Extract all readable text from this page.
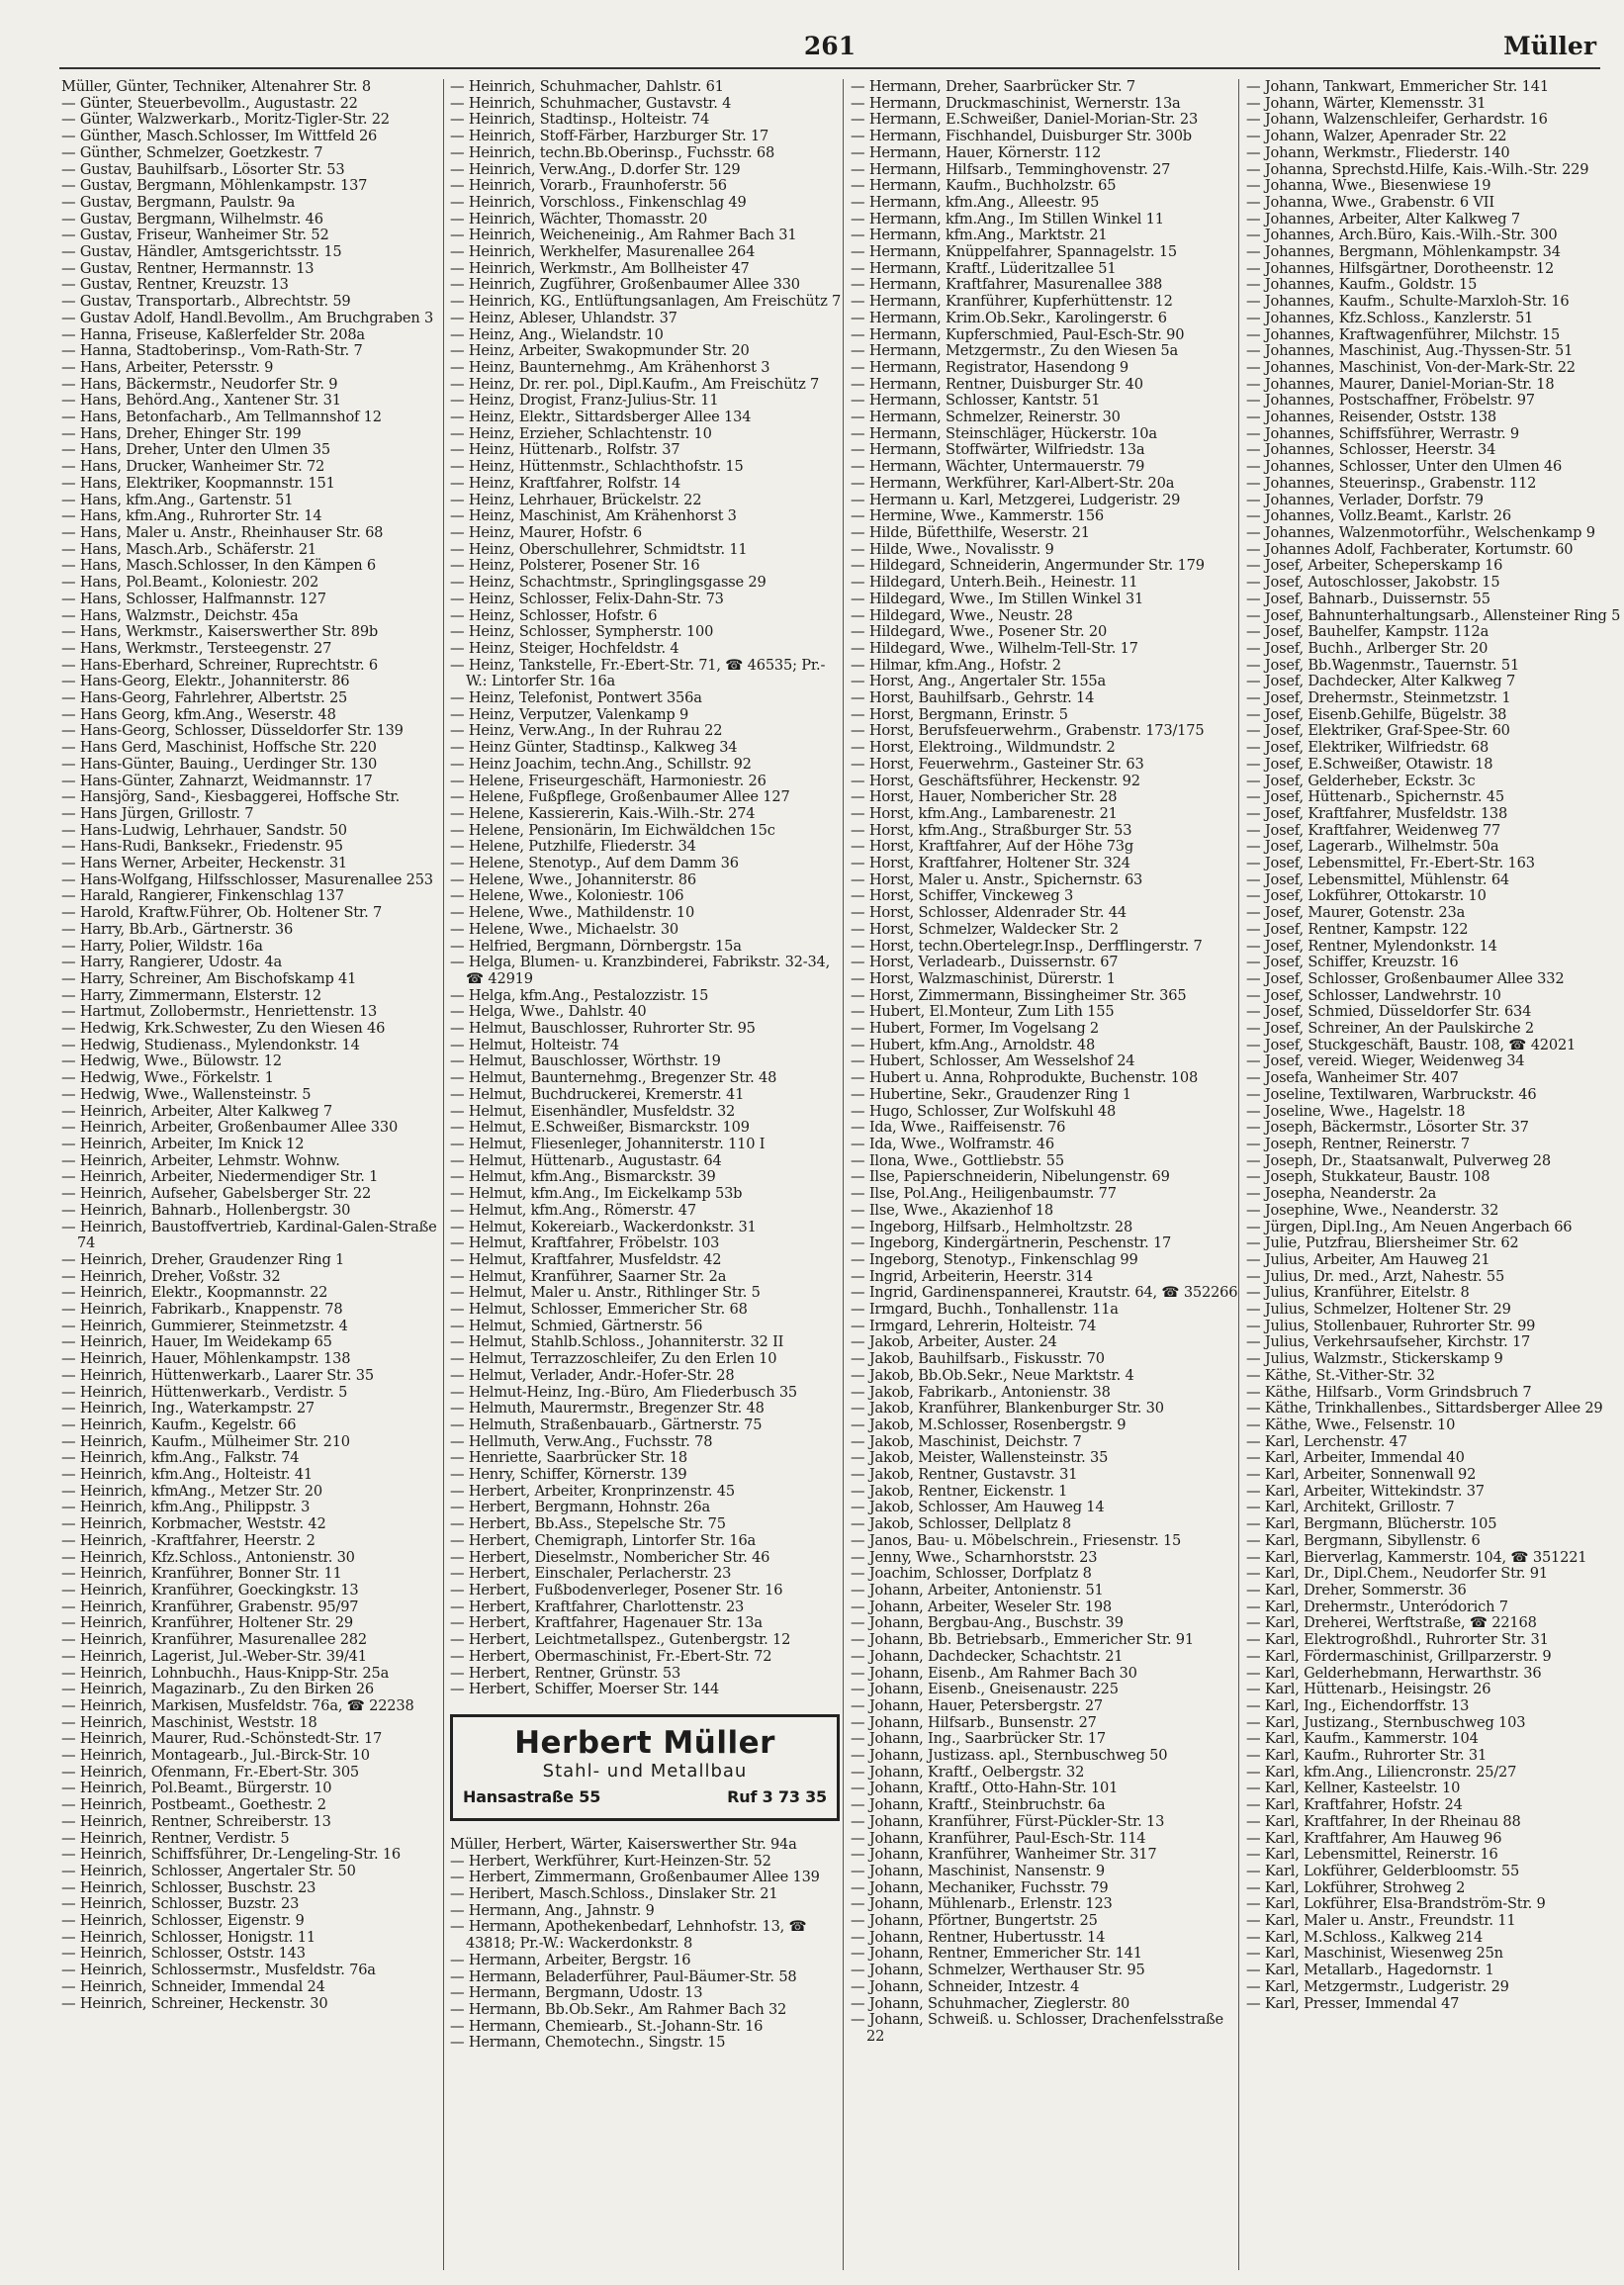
261	Müller
Müller, Günter, Techniker, Altenahrer Str. 8
— Günter, Steuerbevollm., Augustastr. 22
— Günter, Walzwerkarb., Moritz-Tigler-Str. 22
— Günther, Masch.Schlosser, Im Wittfeld 26
— Günther, Schmelzer, Goetzkestr. 7
— Gustav, Bauhilfsarb., Lösorter Str. 53
— Gustav, Bergmann, Möhlenkampstr. 137
— Gustav, Bergmann, Paulstr. 9a
— Gustav, Bergmann, Wilhelmstr. 46
— Gustav, Friseur, Wanheimer Str. 52
— Gustav, Händler, Amtsgerichtsstr. 15
— Gustav, Rentner, Hermannstr. 13
— Gustav, Rentner, Kreuzstr. 13
— Gustav, Transportarb., Albrechtstr. 59
— Gustav Adolf, Handl.Bevollm., Am Bruchgraben 3
— Hanna, Friseuse, Kaßlerfelder Str. 208a
— Hanna, Stadtoberinsp., Vom-Rath-Str. 7
— Hans, Arbeiter, Petersstr. 9
— Hans, Bäckermstr., Neudorfer Str. 9
— Hans, Behörd.Ang., Xantener Str. 31
— Hans, Betonfacharb., Am Tellmannshof 12
— Hans, Dreher, Ehinger Str. 199
— Hans, Dreher, Unter den Ulmen 35
— Hans, Drucker, Wanheimer Str. 72
— Hans, Elektriker, Koopmannstr. 151
— Hans, kfm.Ang., Gartenstr. 51
— Hans, kfm.Ang., Ruhrorter Str. 14
— Hans, Maler u. Anstr., Rheinhauser Str. 68
— Hans, Masch.Arb., Schäferstr. 21
— Hans, Masch.Schlosser, In den Kämpen 6
— Hans, Pol.Beamt., Koloniestr. 202
— Hans, Schlosser, Halfmannstr. 127
— Hans, Walzmstr., Deichstr. 45a
— Hans, Werkmstr., Kaiserswerther Str. 89b
— Hans, Werkmstr., Tersteegenstr. 27
— Hans-Eberhard, Schreiner, Ruprechtstr. 6
— Hans-Georg, Elektr., Johanniterstr. 86
— Hans-Georg, Fahrlehrer, Albertstr. 25
— Hans Georg, kfm.Ang., Weserstr. 48
— Hans-Georg, Schlosser, Düsseldorfer Str. 139
— Hans Gerd, Maschinist, Hoffsche Str. 220
— Hans-Günter, Bauing., Uerdinger Str. 130
— Hans-Günter, Zahnarzt, Weidmannstr. 17
— Hansjörg, Sand-, Kiesbaggerei, Hoffsche Str.
— Hans Jürgen, Grillostr. 7
— Hans-Ludwig, Lehrhauer, Sandstr. 50
— Hans-Rudi, Banksekr., Friedenstr. 95
— Hans Werner, Arbeiter, Heckenstr. 31
— Hans-Wolfgang, Hilfsschlosser, Masurenallee 253
— Harald, Rangierer, Finkenschlag 137
— Harold, Kraftw.Führer, Ob. Holtener Str. 7
— Harry, Bb.Arb., Gärtnerstr. 36
— Harry, Polier, Wildstr. 16a
— Harry, Rangierer, Udostr. 4a
— Harry, Schreiner, Am Bischofskamp 41
— Harry, Zimmermann, Elsterstr. 12
— Hartmut, Zollobermstr., Henriettenstr. 13
— Hedwig, Krk.Schwester, Zu den Wiesen 46
— Hedwig, Studienass., Mylendonkstr. 14
— Hedwig, Wwe., Bülowstr. 12
— Hedwig, Wwe., Förkelstr. 1
— Hedwig, Wwe., Wallensteinstr. 5
— Heinrich, Arbeiter, Alter Kalkweg 7
— Heinrich, Arbeiter, Großenbaumer Allee 330
— Heinrich, Arbeiter, Im Knick 12
— Heinrich, Arbeiter, Lehmstr. Wohnw.
— Heinrich, Arbeiter, Niedermendiger Str. 1
— Heinrich, Aufseher, Gabelsberger Str. 22
— Heinrich, Bahnarb., Hollenbergstr. 30
— Heinrich, Baustoffvertrieb, Kardinal-Galen-Straße 74
— Heinrich, Dreher, Graudenzer Ring 1
— Heinrich, Dreher, Voßstr. 32
— Heinrich, Elektr., Koopmannstr. 22
— Heinrich, Fabrikarb., Knappenstr. 78
— Heinrich, Gummierer, Steinmetzstr. 4
— Heinrich, Hauer, Im Weidekamp 65
— Heinrich, Hauer, Möhlenkampstr. 138
— Heinrich, Hüttenwerkarb., Laarer Str. 35
— Heinrich, Hüttenwerkarb., Verdistr. 5
— Heinrich, Ing., Waterkampstr. 27
— Heinrich, Kaufm., Kegelstr. 66
— Heinrich, Kaufm., Mülheimer Str. 210
— Heinrich, kfm.Ang., Falkstr. 74
— Heinrich, kfm.Ang., Holteistr. 41
— Heinrich, kfmAng., Metzer Str. 20
— Heinrich, kfm.Ang., Philippstr. 3
— Heinrich, Korbmacher, Weststr. 42
— Heinrich, -Kraftfahrer, Heerstr. 2
— Heinrich, Kfz.Schloss., Antonienstr. 30
— Heinrich, Kranführer, Bonner Str. 11
— Heinrich, Kranführer, Goeckingkstr. 13
— Heinrich, Kranführer, Grabenstr. 95/97
— Heinrich, Kranführer, Holtener Str. 29
— Heinrich, Kranführer, Masurenallee 282
— Heinrich, Lagerist, Jul.-Weber-Str. 39/41
— Heinrich, Lohnbuchh., Haus-Knipp-Str. 25a
— Heinrich, Magazinarb., Zu den Birken 26
— Heinrich, Markisen, Musfeldstr. 76a, ☎ 22238
— Heinrich, Maschinist, Weststr. 18
— Heinrich, Maurer, Rud.-Schönstedt-Str. 17
— Heinrich, Montagearb., Jul.-Birck-Str. 10
— Heinrich, Ofenmann, Fr.-Ebert-Str. 305
— Heinrich, Pol.Beamt., Bürgerstr. 10
— Heinrich, Postbeamt., Goethestr. 2
— Heinrich, Rentner, Schreiberstr. 13
— Heinrich, Rentner, Verdistr. 5
— Heinrich, Schiffsführer, Dr.-Lengeling-Str. 16
— Heinrich, Schlosser, Angertaler Str. 50
— Heinrich, Schlosser, Buschstr. 23
— Heinrich, Schlosser, Buzstr. 23
— Heinrich, Schlosser, Eigenstr. 9
— Heinrich, Schlosser, Honigstr. 11
— Heinrich, Schlosser, Oststr. 143
— Heinrich, Schlossermstr., Musfeldstr. 76a
— Heinrich, Schneider, Immendal 24
— Heinrich, Schreiner, Heckenstr. 30
— Heinrich, Schuhmacher, Dahlstr. 61
— Heinrich, Schuhmacher, Gustavstr. 4
— Heinrich, Stadtinsp., Holteistr. 74
— Heinrich, Stoff-Färber, Harzburger Str. 17
— Heinrich, techn.Bb.Oberinsp., Fuchsstr. 68
— Heinrich, Verw.Ang., D.dorfer Str. 129
— Heinrich, Vorarb., Fraunhoferstr. 56
— Heinrich, Vorschloss., Finkenschlag 49
— Heinrich, Wächter, Thomasstr. 20
— Heinrich, Weicheneinig., Am Rahmer Bach 31
— Heinrich, Werkhelfer, Masurenallee 264
— Heinrich, Werkmstr., Am Bollheister 47
— Heinrich, Zugführer, Großenbaumer Allee 330
— Heinrich, KG., Entlüftungsanlagen, Am Freischütz 7
— Heinz, Ableser, Uhlandstr. 37
— Heinz, Ang., Wielandstr. 10
— Heinz, Arbeiter, Swakopmunder Str. 20
— Heinz, Baunternehmg., Am Krähenhorst 3
— Heinz, Dr. rer. pol., Dipl.Kaufm., Am Freischütz 7
— Heinz, Drogist, Franz-Julius-Str. 11
— Heinz, Elektr., Sittardsberger Allee 134
— Heinz, Erzieher, Schlachtenstr. 10
— Heinz, Hüttenarb., Rolfstr. 37
— Heinz, Hüttenmstr., Schlachthofstr. 15
— Heinz, Kraftfahrer, Rolfstr. 14
— Heinz, Lehrhauer, Brückelstr. 22
— Heinz, Maschinist, Am Krähenhorst 3
— Heinz, Maurer, Hofstr. 6
— Heinz, Oberschullehrer, Schmidtstr. 11
— Heinz, Polsterer, Posener Str. 16
— Heinz, Schachtmstr., Springlingsgasse 29
— Heinz, Schlosser, Felix-Dahn-Str. 73
— Heinz, Schlosser, Hofstr. 6
— Heinz, Schlosser, Sympherstr. 100
— Heinz, Steiger, Hochfeldstr. 4
— Heinz, Tankstelle, Fr.-Ebert-Str. 71, ☎ 46535; Pr.-W.: Lintorfer Str. 16a
— Heinz, Telefonist, Pontwert 356a
— Heinz, Verputzer, Valenkamp 9
— Heinz, Verw.Ang., In der Ruhrau 22
— Heinz Günter, Stadtinsp., Kalkweg 34
— Heinz Joachim, techn.Ang., Schillstr. 92
— Helene, Friseurgeschäft, Harmoniestr. 26
— Helene, Fußpflege, Großenbaumer Allee 127
— Helene, Kassiererin, Kais.-Wilh.-Str. 274
— Helene, Pensionärin, Im Eichwäldchen 15c
— Helene, Putzhilfe, Fliederstr. 34
— Helene, Stenotyp., Auf dem Damm 36
— Helene, Wwe., Johanniterstr. 86
— Helene, Wwe., Koloniestr. 106
— Helene, Wwe., Mathildenstr. 10
— Helene, Wwe., Michaelstr. 30
— Helfried, Bergmann, Dörnbergstr. 15a
— Helga, Blumen- u. Kranzbinderei, Fabrikstr. 32-34, ☎ 42919
— Helga, kfm.Ang., Pestalozzistr. 15
— Helga, Wwe., Dahlstr. 40
— Helmut, Bauschlosser, Ruhrorter Str. 95
— Helmut, Holteistr. 74
— Helmut, Bauschlosser, Wörthstr. 19
— Helmut, Baunternehmg., Bregenzer Str. 48
— Helmut, Buchdruckerei, Kremerstr. 41
— Helmut, Eisenhändler, Musfeldstr. 32
— Helmut, E.Schweißer, Bismarckstr. 109
— Helmut, Fliesenleger, Johanniterstr. 110 I
— Helmut, Hüttenarb., Augustastr. 64
— Helmut, kfm.Ang., Bismarckstr. 39
— Helmut, kfm.Ang., Im Eickelkamp 53b
— Helmut, kfm.Ang., Römerstr. 47
— Helmut, Kokereiarb., Wackerdonkstr. 31
— Helmut, Kraftfahrer, Fröbelstr. 103
— Helmut, Kraftfahrer, Musfeldstr. 42
— Helmut, Kranführer, Saarner Str. 2a
— Helmut, Maler u. Anstr., Rithlinger Str. 5
— Helmut, Schlosser, Emmericher Str. 68
— Helmut, Schmied, Gärtnerstr. 56
— Helmut, Stahlb.Schloss., Johanniterstr. 32 II
— Helmut, Terrazzoschleifer, Zu den Erlen 10
— Helmut, Verlader, Andr.-Hofer-Str. 28
— Helmut-Heinz, Ing.-Büro, Am Fliederbusch 35
— Helmuth, Maurermstr., Bregenzer Str. 48
— Helmuth, Straßenbauarb., Gärtnerstr. 75
— Hellmuth, Verw.Ang., Fuchsstr. 78
— Henriette, Saarbrücker Str. 18
— Henry, Schiffer, Körnerstr. 139
— Herbert, Arbeiter, Kronprinzenstr. 45
— Herbert, Bergmann, Hohnstr. 26a
— Herbert, Bb.Ass., Stepelsche Str. 75
— Herbert, Chemigraph, Lintorfer Str. 16a
— Herbert, Dieselmstr., Nombericher Str. 46
— Herbert, Einschaler, Perlacherstr. 23
— Herbert, Fußbodenverleger, Posener Str. 16
— Herbert, Kraftfahrer, Charlottenstr. 23
— Herbert, Kraftfahrer, Hagenauer Str. 13a
— Herbert, Leichtmetallspez., Gutenbergstr. 12
— Herbert, Obermaschinist, Fr.-Ebert-Str. 72
— Herbert, Rentner, Grünstr. 53
— Herbert, Schiffer, Moerser Str. 144
Herbert Müller
Stahl- und Metallbau
Hansastraße 55	Ruf 3 73 35
Müller, Herbert, Wärter, Kaiserswerther Str. 94a
— Herbert, Werkführer, Kurt-Heinzen-Str. 52
— Herbert, Zimmermann, Großenbaumer Allee 139
— Heribert, Masch.Schloss., Dinslaker Str. 21
— Hermann, Ang., Jahnstr. 9
— Hermann, Apothekenbedarf, Lehnhofstr. 13, ☎ 43818; Pr.-W.: Wackerdonkstr. 8
— Hermann, Arbeiter, Bergstr. 16
— Hermann, Beladerführer, Paul-Bäumer-Str. 58
— Hermann, Bergmann, Udostr. 13
— Hermann, Bb.Ob.Sekr., Am Rahmer Bach 32
— Hermann, Chemiearb., St.-Johann-Str. 16
— Hermann, Chemotechn., Singstr. 15
— Hermann, Dreher, Saarbrücker Str. 7
— Hermann, Druckmaschinist, Wernerstr. 13a
— Hermann, E.Schweißer, Daniel-Morian-Str. 23
— Hermann, Fischhandel, Duisburger Str. 300b
— Hermann, Hauer, Körnerstr. 112
— Hermann, Hilfsarb., Temminghovenstr. 27
— Hermann, Kaufm., Buchholzstr. 65
— Hermann, kfm.Ang., Alleestr. 95
— Hermann, kfm.Ang., Im Stillen Winkel 11
— Hermann, kfm.Ang., Marktstr. 21
— Hermann, Knüppelfahrer, Spannagelstr. 15
— Hermann, Kraftf., Lüderitzallee 51
— Hermann, Kraftfahrer, Masurenallee 388
— Hermann, Kranführer, Kupferhüttenstr. 12
— Hermann, Krim.Ob.Sekr., Karolingerstr. 6
— Hermann, Kupferschmied, Paul-Esch-Str. 90
— Hermann, Metzgermstr., Zu den Wiesen 5a
— Hermann, Registrator, Hasendong 9
— Hermann, Rentner, Duisburger Str. 40
— Hermann, Schlosser, Kantstr. 51
— Hermann, Schmelzer, Reinerstr. 30
— Hermann, Steinschläger, Hückerstr. 10a
— Hermann, Stoffwärter, Wilfriedstr. 13a
— Hermann, Wächter, Untermauerstr. 79
— Hermann, Werkführer, Karl-Albert-Str. 20a
— Hermann u. Karl, Metzgerei, Ludgeristr. 29
— Hermine, Wwe., Kammerstr. 156
— Hilde, Büfetthilfe, Weserstr. 21
— Hilde, Wwe., Novalisstr. 9
— Hildegard, Schneiderin, Angermunder Str. 179
— Hildegard, Unterh.Beih., Heinestr. 11
— Hildegard, Wwe., Im Stillen Winkel 31
— Hildegard, Wwe., Neustr. 28
— Hildegard, Wwe., Posener Str. 20
— Hildegard, Wwe., Wilhelm-Tell-Str. 17
— Hilmar, kfm.Ang., Hofstr. 2
— Horst, Ang., Angertaler Str. 155a
— Horst, Bauhilfsarb., Gehrstr. 14
— Horst, Bergmann, Erinstr. 5
— Horst, Berufsfeuerwehrm., Grabenstr. 173/175
— Horst, Elektroing., Wildmundstr. 2
— Horst, Feuerwehrm., Gasteiner Str. 63
— Horst, Geschäftsführer, Heckenstr. 92
— Horst, Hauer, Nombericher Str. 28
— Horst, kfm.Ang., Lambarenestr. 21
— Horst, kfm.Ang., Straßburger Str. 53
— Horst, Kraftfahrer, Auf der Höhe 73g
— Horst, Kraftfahrer, Holtener Str. 324
— Horst, Maler u. Anstr., Spichernstr. 63
— Horst, Schiffer, Vinckeweg 3
— Horst, Schlosser, Aldenrader Str. 44
— Horst, Schmelzer, Waldecker Str. 2
— Horst, techn.Obertelegr.Insp., Derfflingerstr. 7
— Horst, Verladearb., Duissernstr. 67
— Horst, Walzmaschinist, Dürerstr. 1
— Horst, Zimmermann, Bissingheimer Str. 365
— Hubert, El.Monteur, Zum Lith 155
— Hubert, Former, Im Vogelsang 2
— Hubert, kfm.Ang., Arnoldstr. 48
— Hubert, Schlosser, Am Wesselshof 24
— Hubert u. Anna, Rohprodukte, Buchenstr. 108
— Hubertine, Sekr., Graudenzer Ring 1
— Hugo, Schlosser, Zur Wolfskuhl 48
— Ida, Wwe., Raiffeisenstr. 76
— Ida, Wwe., Wolframstr. 46
— Ilona, Wwe., Gottliebstr. 55
— Ilse, Papierschneiderin, Nibelungenstr. 69
— Ilse, Pol.Ang., Heiligenbaumstr. 77
— Ilse, Wwe., Akazienhof 18
— Ingeborg, Hilfsarb., Helmholtzstr. 28
— Ingeborg, Kindergärtnerin, Peschenstr. 17
— Ingeborg, Stenotyp., Finkenschlag 99
— Ingrid, Arbeiterin, Heerstr. 314
— Ingrid, Gardinenspannerei, Krautstr. 64, ☎ 352266
— Irmgard, Buchh., Tonhallenstr. 11a
— Irmgard, Lehrerin, Holteistr. 74
— Jakob, Arbeiter, Auster. 24
— Jakob, Bauhilfsarb., Fiskusstr. 70
— Jakob, Bb.Ob.Sekr., Neue Marktstr. 4
— Jakob, Fabrikarb., Antonienstr. 38
— Jakob, Kranführer, Blankenburger Str. 30
— Jakob, M.Schlosser, Rosenbergstr. 9
— Jakob, Maschinist, Deichstr. 7
— Jakob, Meister, Wallensteinstr. 35
— Jakob, Rentner, Gustavstr. 31
— Jakob, Rentner, Eickenstr. 1
— Jakob, Schlosser, Am Hauweg 14
— Jakob, Schlosser, Dellplatz 8
— Janos, Bau- u. Möbelschrein., Friesenstr. 15
— Jenny, Wwe., Scharnhorststr. 23
— Joachim, Schlosser, Dorfplatz 8
— Johann, Arbeiter, Antonienstr. 51
— Johann, Arbeiter, Weseler Str. 198
— Johann, Bergbau-Ang., Buschstr. 39
— Johann, Bb. Betriebsarb., Emmericher Str. 91
— Johann, Dachdecker, Schachtstr. 21
— Johann, Eisenb., Am Rahmer Bach 30
— Johann, Eisenb., Gneisenaustr. 225
— Johann, Hauer, Petersbergstr. 27
— Johann, Hilfsarb., Bunsenstr. 27
— Johann, Ing., Saarbrücker Str. 17
— Johann, Justizass. apl., Sternbuschweg 50
— Johann, Kraftf., Oelbergstr. 32
— Johann, Kraftf., Otto-Hahn-Str. 101
— Johann, Kraftf., Steinbruchstr. 6a
— Johann, Kranführer, Fürst-Pückler-Str. 13
— Johann, Kranführer, Paul-Esch-Str. 114
— Johann, Kranführer, Wanheimer Str. 317
— Johann, Maschinist, Nansenstr. 9
— Johann, Mechaniker, Fuchsstr. 79
— Johann, Mühlenarb., Erlenstr. 123
— Johann, Pförtner, Bungertstr. 25
— Johann, Rentner, Hubertusstr. 14
— Johann, Rentner, Emmericher Str. 141
— Johann, Schmelzer, Werthauser Str. 95
— Johann, Schneider, Intzestr. 4
— Johann, Schuhmacher, Zieglerstr. 80
— Johann, Schweiß. u. Schlosser, Drachenfelsstraße 22
— Johann, Tankwart, Emmericher Str. 141
— Johann, Wärter, Klemensstr. 31
— Johann, Walzenschleifer, Gerhardstr. 16
— Johann, Walzer, Apenrader Str. 22
— Johann, Werkmstr., Fliederstr. 140
— Johanna, Sprechstd.Hilfe, Kais.-Wilh.-Str. 229
— Johanna, Wwe., Biesenwiese 19
— Johanna, Wwe., Grabenstr. 6 VII
— Johannes, Arbeiter, Alter Kalkweg 7
— Johannes, Arch.Büro, Kais.-Wilh.-Str. 300
— Johannes, Bergmann, Möhlenkampstr. 34
— Johannes, Hilfsgärtner, Dorotheenstr. 12
— Johannes, Kaufm., Goldstr. 15
— Johannes, Kaufm., Schulte-Marxloh-Str. 16
— Johannes, Kfz.Schloss., Kanzlerstr. 51
— Johannes, Kraftwagenführer, Milchstr. 15
— Johannes, Maschinist, Aug.-Thyssen-Str. 51
— Johannes, Maschinist, Von-der-Mark-Str. 22
— Johannes, Maurer, Daniel-Morian-Str. 18
— Johannes, Postschaffner, Fröbelstr. 97
— Johannes, Reisender, Oststr. 138
— Johannes, Schiffsführer, Werrastr. 9
— Johannes, Schlosser, Heerstr. 34
— Johannes, Schlosser, Unter den Ulmen 46
— Johannes, Steuerinsp., Grabenstr. 112
— Johannes, Verlader, Dorfstr. 79
— Johannes, Vollz.Beamt., Karlstr. 26
— Johannes, Walzenmotorführ., Welschenkamp 9
— Johannes Adolf, Fachberater, Kortumstr. 60
— Josef, Arbeiter, Scheperskamp 16
— Josef, Autoschlosser, Jakobstr. 15
— Josef, Bahnarb., Duissernstr. 55
— Josef, Bahnunterhaltungsarb., Allensteiner Ring 5
— Josef, Bauhelfer, Kampstr. 112a
— Josef, Buchh., Arlberger Str. 20
— Josef, Bb.Wagenmstr., Tauernstr. 51
— Josef, Dachdecker, Alter Kalkweg 7
— Josef, Drehermstr., Steinmetzstr. 1
— Josef, Eisenb.Gehilfe, Bügelstr. 38
— Josef, Elektriker, Graf-Spee-Str. 60
— Josef, Elektriker, Wilfriedstr. 68
— Josef, E.Schweißer, Otawistr. 18
— Josef, Gelderheber, Eckstr. 3c
— Josef, Hüttenarb., Spichernstr. 45
— Josef, Kraftfahrer, Musfeldstr. 138
— Josef, Kraftfahrer, Weidenweg 77
— Josef, Lagerarb., Wilhelmstr. 50a
— Josef, Lebensmittel, Fr.-Ebert-Str. 163
— Josef, Lebensmittel, Mühlenstr. 64
— Josef, Lokführer, Ottokarstr. 10
— Josef, Maurer, Gotenstr. 23a
— Josef, Rentner, Kampstr. 122
— Josef, Rentner, Mylendonkstr. 14
— Josef, Schiffer, Kreuzstr. 16
— Josef, Schlosser, Großenbaumer Allee 332
— Josef, Schlosser, Landwehrstr. 10
— Josef, Schmied, Düsseldorfer Str. 634
— Josef, Schreiner, An der Paulskirche 2
— Josef, Stuckgeschäft, Baustr. 108, ☎ 42021
— Josef, vereid. Wieger, Weidenweg 34
— Josefa, Wanheimer Str. 407
— Joseline, Textilwaren, Warbruckstr. 46
— Joseline, Wwe., Hagelstr. 18
— Joseph, Bäckermstr., Lösorter Str. 37
— Joseph, Rentner, Reinerstr. 7
— Joseph, Dr., Staatsanwalt, Pulverweg 28
— Joseph, Stukkateur, Baustr. 108
— Josepha, Neanderstr. 2a
— Josephine, Wwe., Neanderstr. 32
— Jürgen, Dipl.Ing., Am Neuen Angerbach 66
— Julie, Putzfrau, Bliersheimer Str. 62
— Julius, Arbeiter, Am Hauweg 21
— Julius, Dr. med., Arzt, Nahestr. 55
— Julius, Kranführer, Eitelstr. 8
— Julius, Schmelzer, Holtener Str. 29
— Julius, Stollenbauer, Ruhrorter Str. 99
— Julius, Verkehrsaufseher, Kirchstr. 17
— Julius, Walzmstr., Stickerskamp 9
— Käthe, St.-Vither-Str. 32
— Käthe, Hilfsarb., Vorm Grindsbruch 7
— Käthe, Trinkhallenbes., Sittardsberger Allee 29
— Käthe, Wwe., Felsenstr. 10
— Karl, Lerchenstr. 47
— Karl, Arbeiter, Immendal 40
— Karl, Arbeiter, Sonnenwall 92
— Karl, Arbeiter, Wittekindstr. 37
— Karl, Architekt, Grillostr. 7
— Karl, Bergmann, Blücherstr. 105
— Karl, Bergmann, Sibyllenstr. 6
— Karl, Bierverlag, Kammerstr. 104, ☎ 351221
— Karl, Dr., Dipl.Chem., Neudorfer Str. 91
— Karl, Dreher, Sommerstr. 36
— Karl, Drehermstr., Unteródorich 7
— Karl, Dreherei, Werftstraße, ☎ 22168
— Karl, Elektrogroßhdl., Ruhrorter Str. 31
— Karl, Fördermaschinist, Grillparzerstr. 9
— Karl, Gelderhebmann, Herwarthstr. 36
— Karl, Hüttenarb., Heisingstr. 26
— Karl, Ing., Eichendorffstr. 13
— Karl, Justizang., Sternbuschweg 103
— Karl, Kaufm., Kammerstr. 104
— Karl, Kaufm., Ruhrorter Str. 31
— Karl, kfm.Ang., Liliencronstr. 25/27
— Karl, Kellner, Kasteelstr. 10
— Karl, Kraftfahrer, Hofstr. 24
— Karl, Kraftfahrer, In der Rheinau 88
— Karl, Kraftfahrer, Am Hauweg 96
— Karl, Lebensmittel, Reinerstr. 16
— Karl, Lokführer, Gelderbloomstr. 55
— Karl, Lokführer, Strohweg 2
— Karl, Lokführer, Elsa-Brandström-Str. 9
— Karl, Maler u. Anstr., Freundstr. 11
— Karl, M.Schloss., Kalkweg 214
— Karl, Maschinist, Wiesenweg 25n
— Karl, Metallarb., Hagedornstr. 1
— Karl, Metzgermstr., Ludgeristr. 29
— Karl, Presser, Immendal 47
